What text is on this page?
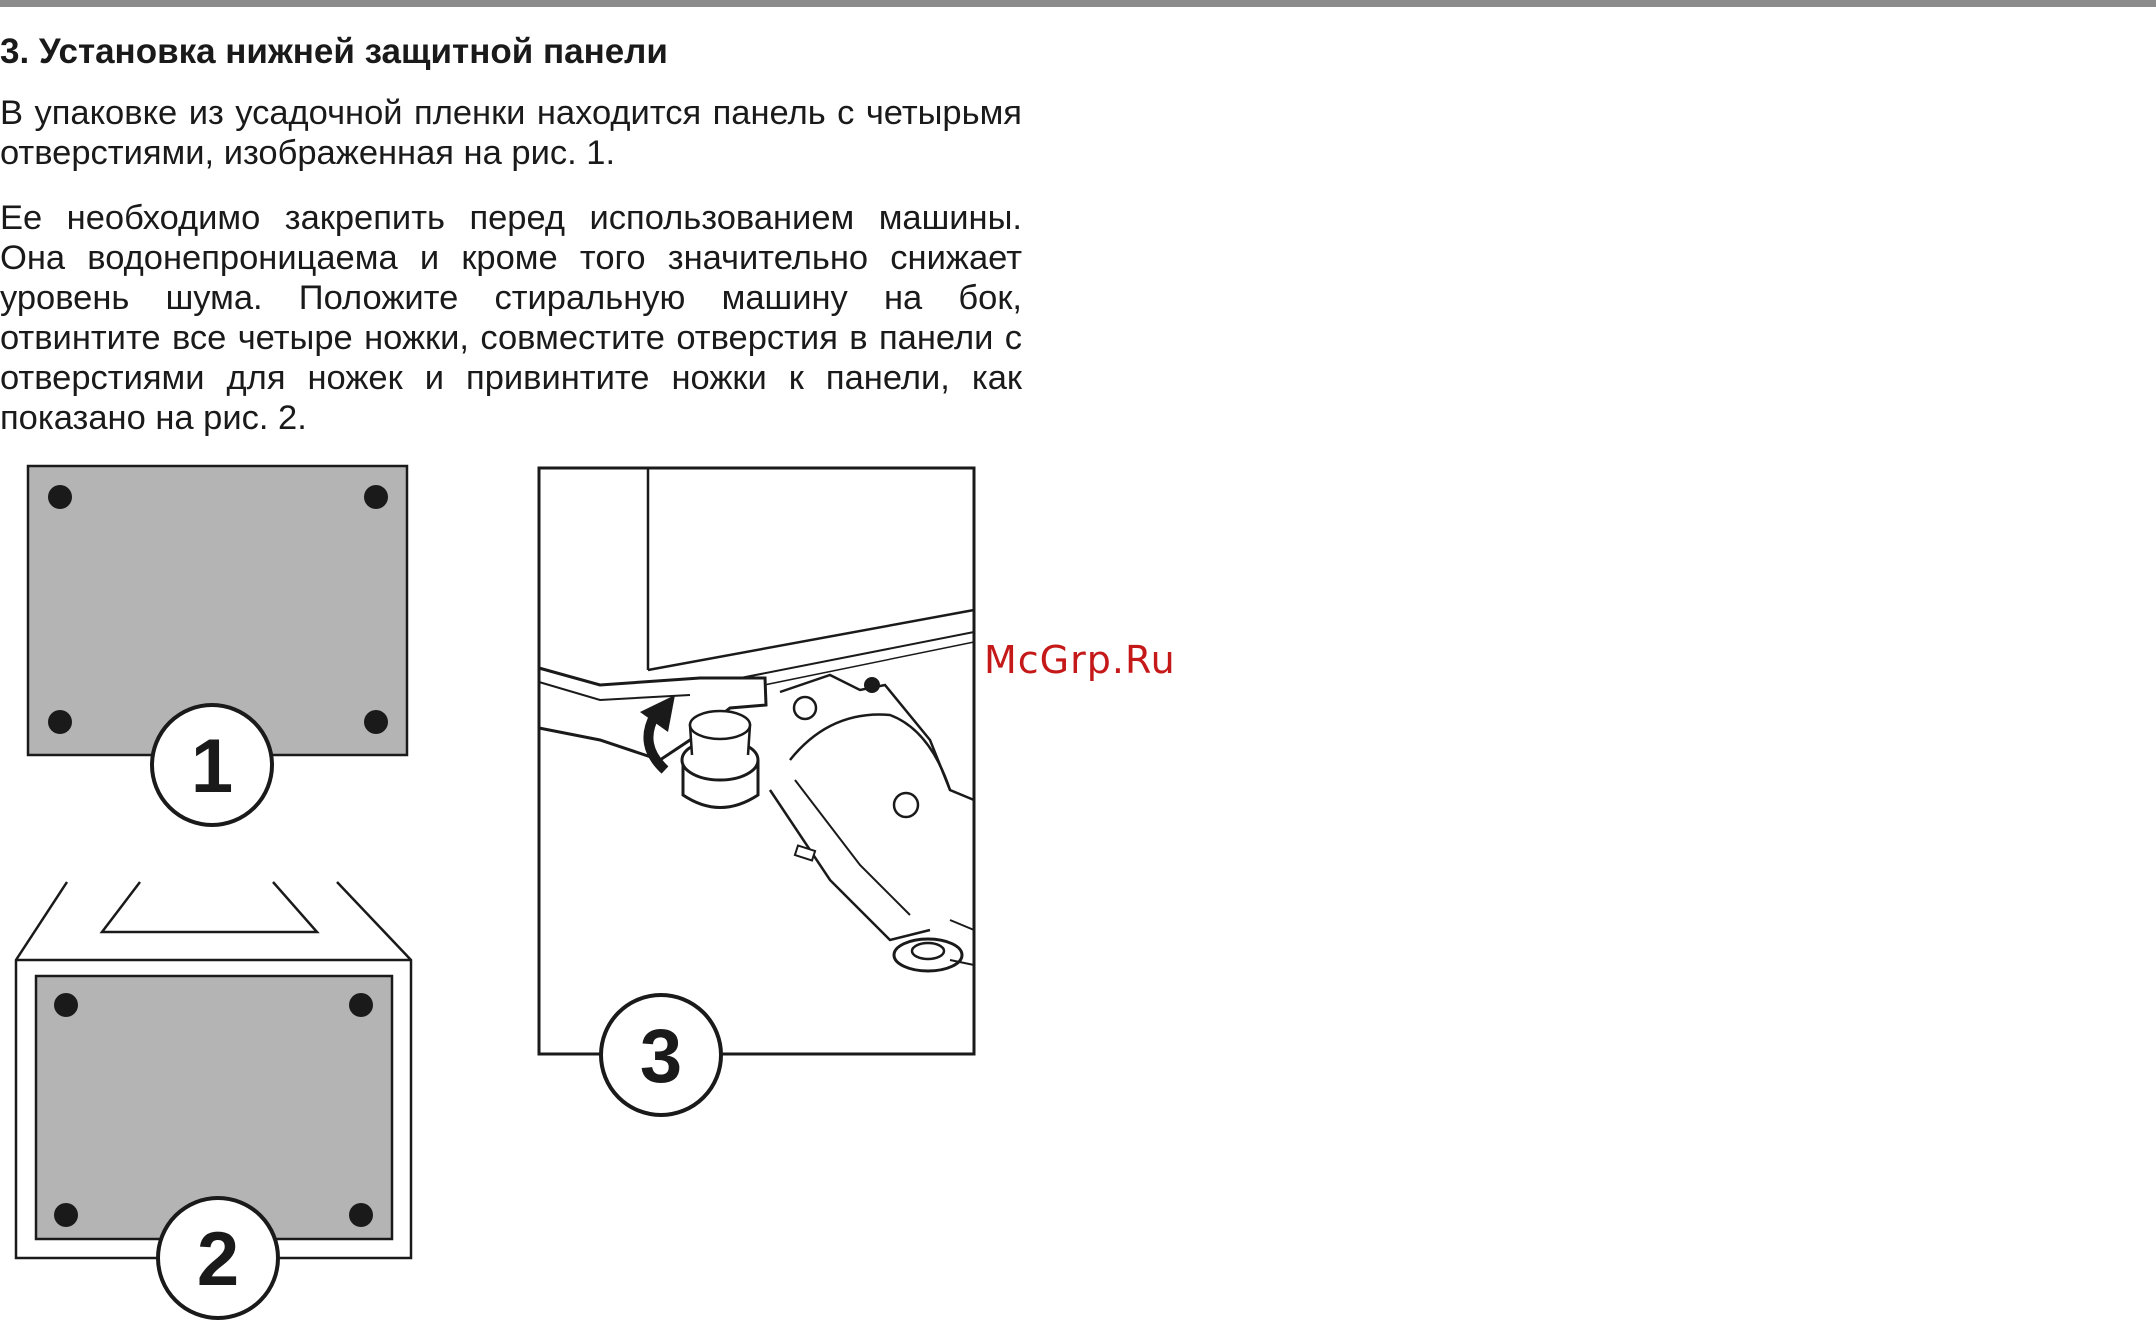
3. Установка нижней защитной панели

В упаковке из усадочной пленки находится панель с четырьмя отверстиями, изображенная на рис. 1.

Ее необходимо закрепить перед использованием машины. Она водонепроницаема и кроме того значительно снижает уровень шума. Положите стиральную машину на бок, отвинтите все четыре ножки, совместите отверстия в панели с отверстиями для ножек и привинтите ножки к панели, как показано на рис. 2.

McGrp.Ru
1
2
3
